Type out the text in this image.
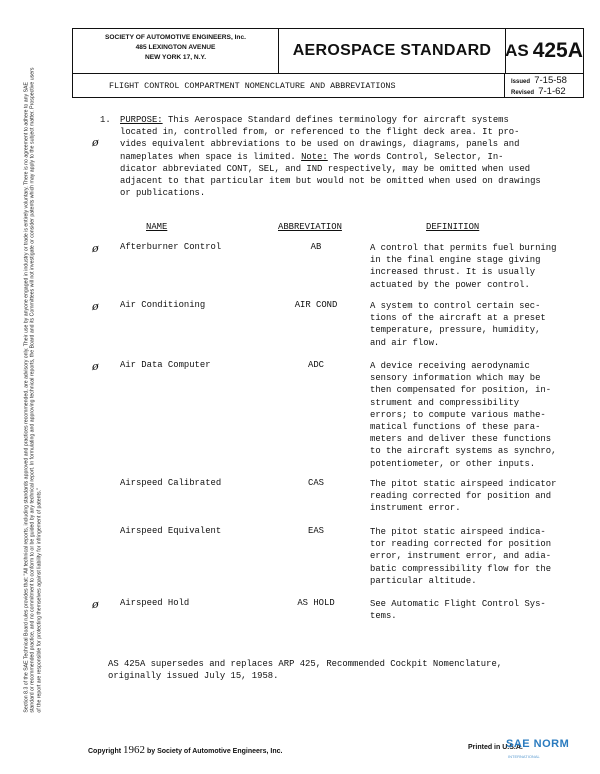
Section 8.3 of the SAE Technical Board rules provides that: "All technical reports, including standards approved and practices recommended, are advisory only. Their use by anyone engaged in industry or trade is entirely voluntary. There is no agreement to adhere to any SAE standard or recommended practice, and no commitment to conform to or be guided by any technical report. In formulating and approving technical reports, the Board and its Committees will not investigate or consider patents which may apply to the subject matter. Prospective users of the report are responsible for protecting themselves against liability for infringement of patents."
SOCIETY OF AUTOMOTIVE ENGINEERS, Inc.
485 LEXINGTON AVENUE
NEW YORK 17, N.Y.	AEROSPACE STANDARD AS 425A
FLIGHT CONTROL COMPARTMENT NOMENCLATURE AND ABBREVIATIONS	Issued 7-15-58
Revised 7-1-62
1.
ø
PURPOSE: This Aerospace Standard defines terminology for aircraft systems
located in, controlled from, or referenced to the flight deck area. It pro-
vides equivalent abbreviations to be used on drawings, diagrams, panels and
nameplates when space is limited. Note: The words Control, Selector, In-
dicator abbreviated CONT, SEL, and IND respectively, may be omitted when used
adjacent to that particular item but would not be omitted when used on drawings
or publications.
NAME	ABBREVIATION	DEFINITION
ø Afterburner Control	AB	A control that permits fuel burning
in the final engine stage giving
increased thrust. It is usually
actuated by the power control.
ø Air Conditioning	AIR COND	A system to control certain sec-
tions of the aircraft at a preset
temperature, pressure, humidity,
and air flow.
ø Air Data Computer	ADC	A device receiving aerodynamic
sensory information which may be
then compensated for position, in-
strument and compressibility
errors; to compute various mathe-
matical functions of these para-
meters and deliver these functions
to the aircraft systems as synchro,
potentiometer, or other inputs.
Airspeed Calibrated	CAS	The pitot static airspeed indicator
reading corrected for position and
instrument error.
Airspeed Equivalent	EAS	The pitot static airspeed indica-
tor reading corrected for position
error, instrument error, and adia-
batic compressibility flow for the
particular altitude.
ø Airspeed Hold	AS HOLD	See Automatic Flight Control Sys-
tems.
AS 425A supersedes and replaces ARP 425, Recommended Cockpit Nomenclature,
originally issued July 15, 1958.
Copyright 1962 by Society of Automotive Engineers, Inc.
Printed in U.S.A.
SAE NORM
INTERNATIONAL
